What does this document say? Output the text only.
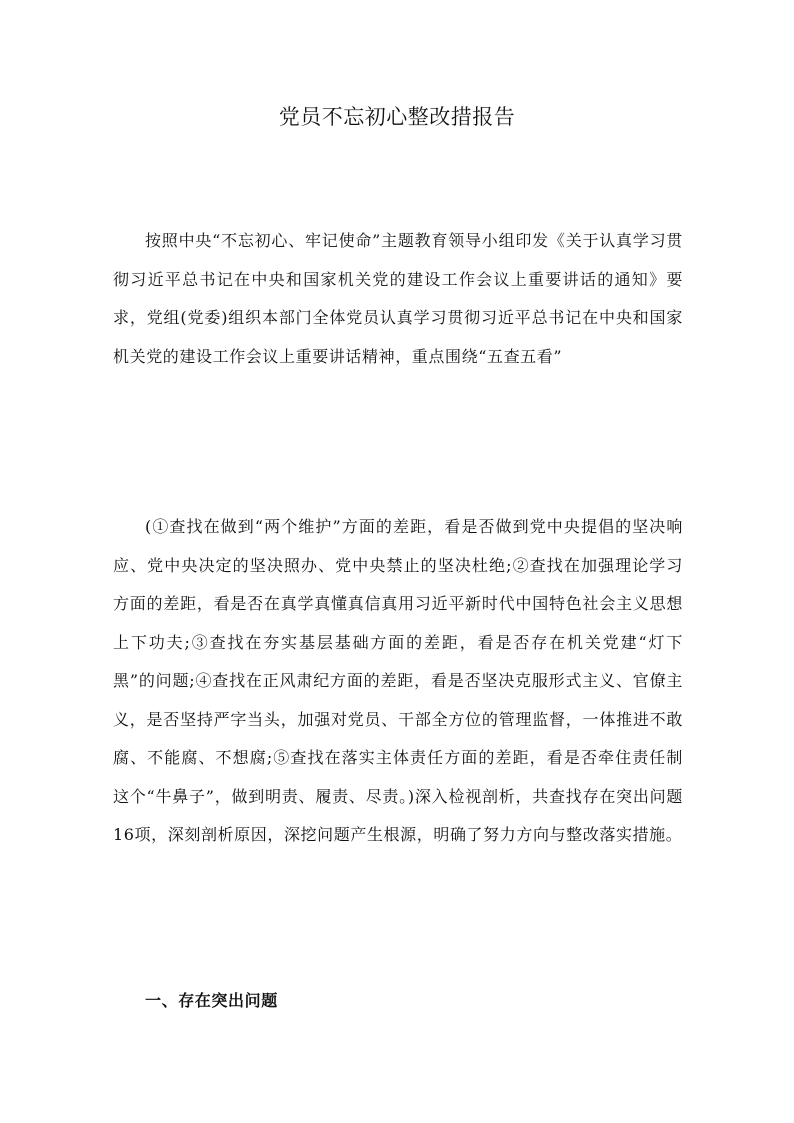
党员不忘初心整改措报告

按照中央“不忘初心、牢记使命”主题教育领导小组印发《关于认真学习贯彻习近平总书记在中央和国家机关党的建设工作会议上重要讲话的通知》要求，党组(党委)组织本部门全体党员认真学习贯彻习近平总书记在中央和国家机关党的建设工作会议上重要讲话精神，重点围绕“五查五看”

(①查找在做到“两个维护”方面的差距，看是否做到党中央提倡的坚决响应、党中央决定的坚决照办、党中央禁止的坚决杜绝;②查找在加强理论学习方面的差距，看是否在真学真懂真信真用习近平新时代中国特色社会主义思想上下功夫;③查找在夯实基层基础方面的差距，看是否存在机关党建“灯下黑”的问题;④查找在正风肃纪方面的差距，看是否坚决克服形式主义、官僚主义，是否坚持严字当头，加强对党员、干部全方位的管理监督，一体推进不敢腐、不能腐、不想腐;⑤查找在落实主体责任方面的差距，看是否牵住责任制这个“牛鼻子”，做到明责、履责、尽责。)深入检视剖析，共查找存在突出问题16项，深刻剖析原因，深挖问题产生根源，明确了努力方向与整改落实措施。

一、存在突出问题
